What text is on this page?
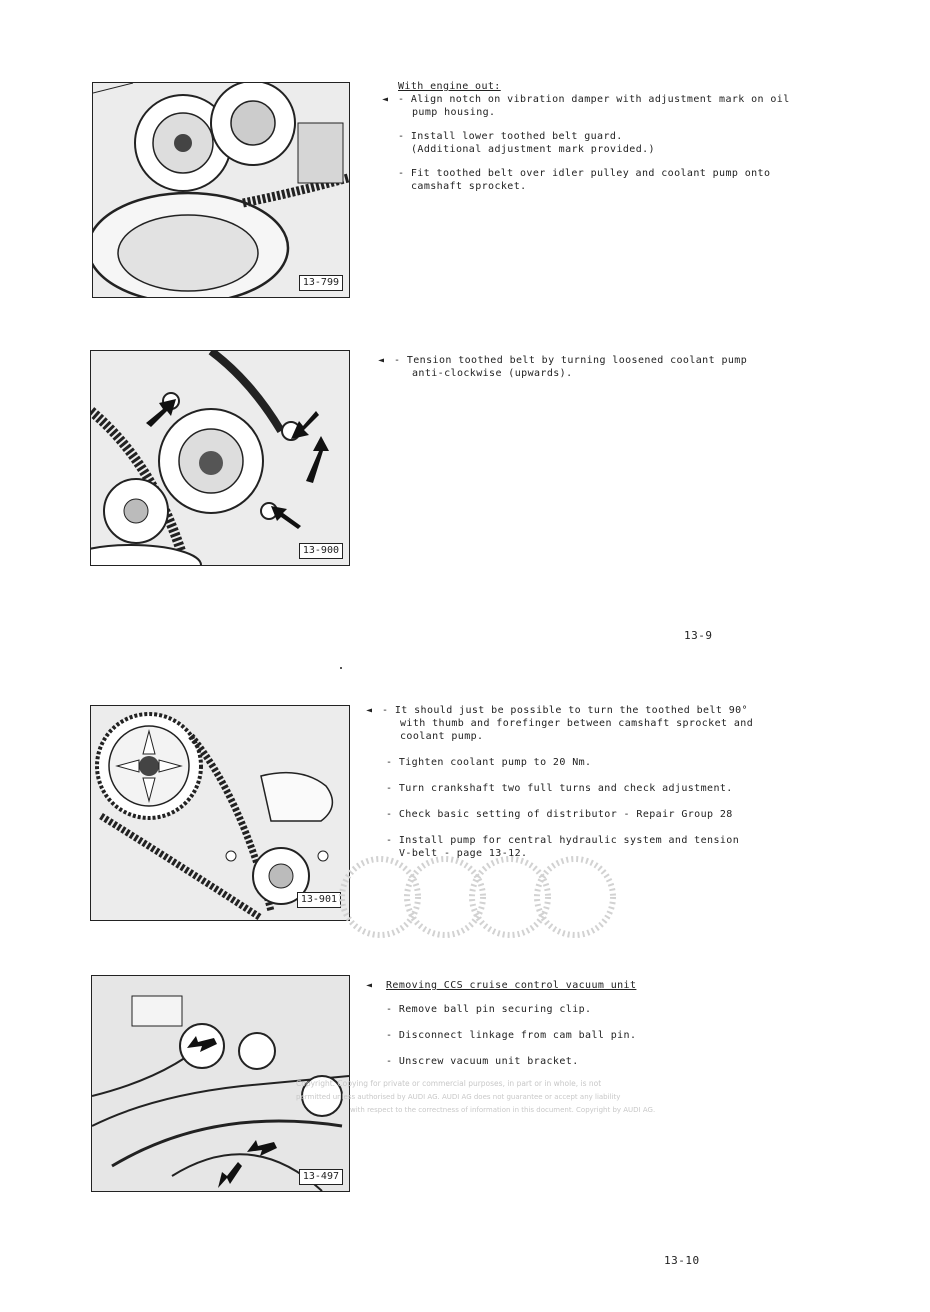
13-799
13-900
13-901
13-497
With engine out:

◄ - Align notch on vibration damper with adjustment mark on oil
pump housing.

- Install lower toothed belt guard.
(Additional adjustment mark provided.)

- Fit toothed belt over idler pulley and coolant pump onto
camshaft sprocket.

◄ - Tension toothed belt by turning loosened coolant pump
anti-clockwise (upwards).

13-9

◄ - It should just be possible to turn the toothed belt 90°
with thumb and forefinger between camshaft sprocket and
coolant pump.

- Tighten coolant pump to 20 Nm.

- Turn crankshaft two full turns and check adjustment.

- Check basic setting of distributor - Repair Group 28

- Install pump for central hydraulic system and tension
V-belt - page 13-12.

◄ Removing CCS cruise control vacuum unit

- Remove ball pin securing clip.

- Disconnect linkage from cam ball pin.

- Unscrew vacuum unit bracket.

Copyright. Copying for private or commercial purposes, in part or in whole, is not
permitted unless authorised by AUDI AG. AUDI AG does not guarantee or accept any liability
with respect to the correctness of information in this document. Copyright by AUDI AG.
13-10
